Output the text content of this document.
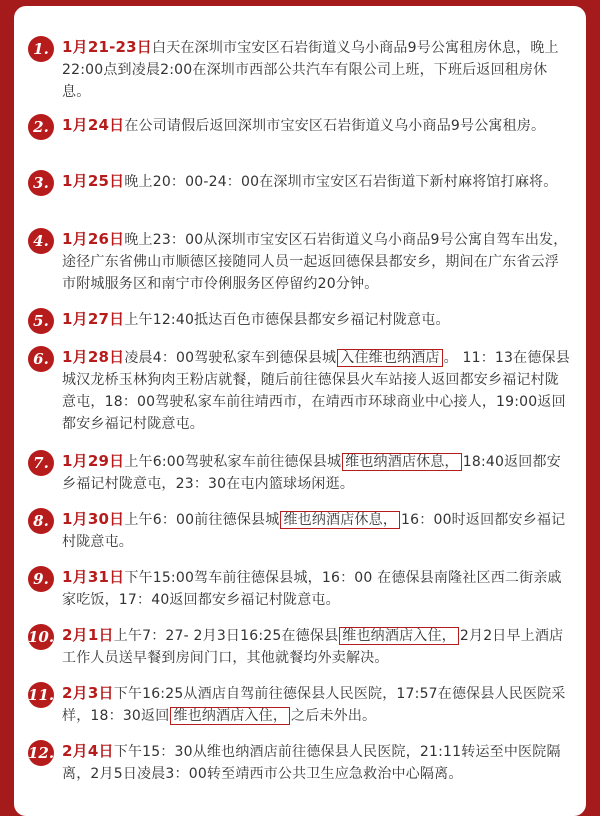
1. 1月21-23日白天在深圳市宝安区石岩街道义乌小商品9号公寓租房休息，晚上22:00点到凌晨2:00在深圳市西部公共汽车有限公司上班，下班后返回租房休息。
2. 1月24日在公司请假后返回深圳市宝安区石岩街道义乌小商品9号公寓租房。
3. 1月25日晚上20：00-24：00在深圳市宝安区石岩街道下新村麻将馆打麻将。
4. 1月26日晚上23：00从深圳市宝安区石岩街道义乌小商品9号公寓自驾车出发，途径广东省佛山市顺德区接随同人员一起返回德保县都安乡，期间在广东省云浮市附城服务区和南宁市伶俐服务区停留约20分钟。
5. 1月27日上午12:40抵达百色市德保县都安乡福记村陇意屯。
6. 1月28日凌晨4：00驾驶私家车到德保县城 入住维也纳酒店 。 11：13在德保县城汉龙桥玉林狗肉王粉店就餐，随后前往德保县火车站接人返回都安乡福记村陇意屯，18：00驾驶私家车前往靖西市，在靖西市环球商业中心接人，19:00返回都安乡福记村陇意屯。
7. 1月29日上午6:00驾驶私家车前往德保县城 维也纳酒店休息， 18:40返回都安乡福记村陇意屯，23：30在屯内篮球场闲逛。
8. 1月30日上午6：00前往德保县城 维也纳酒店休息， 16：00时返回都安乡福记村陇意屯。
9. 1月31日下午15:00驾车前往德保县城，16：00 在德保县南隆社区西二街亲戚家吃饭，17：40返回都安乡福记村陇意屯。
10. 2月1日上午7：27- 2月3日16:25在德保县 维也纳酒店入住， 2月2日早上酒店工作人员送早餐到房间门口，其他就餐均外卖解决。
11. 2月3日下午16:25从酒店自驾前往德保县人民医院，17:57在德保县人民医院采样，18：30返回 维也纳酒店入住， 之后未外出。
12. 2月4日下午15：30从维也纳酒店前往德保县人民医院，21:11转运至中医院隔离，2月5日凌晨3：00转至靖西市公共卫生应急救治中心隔离。
